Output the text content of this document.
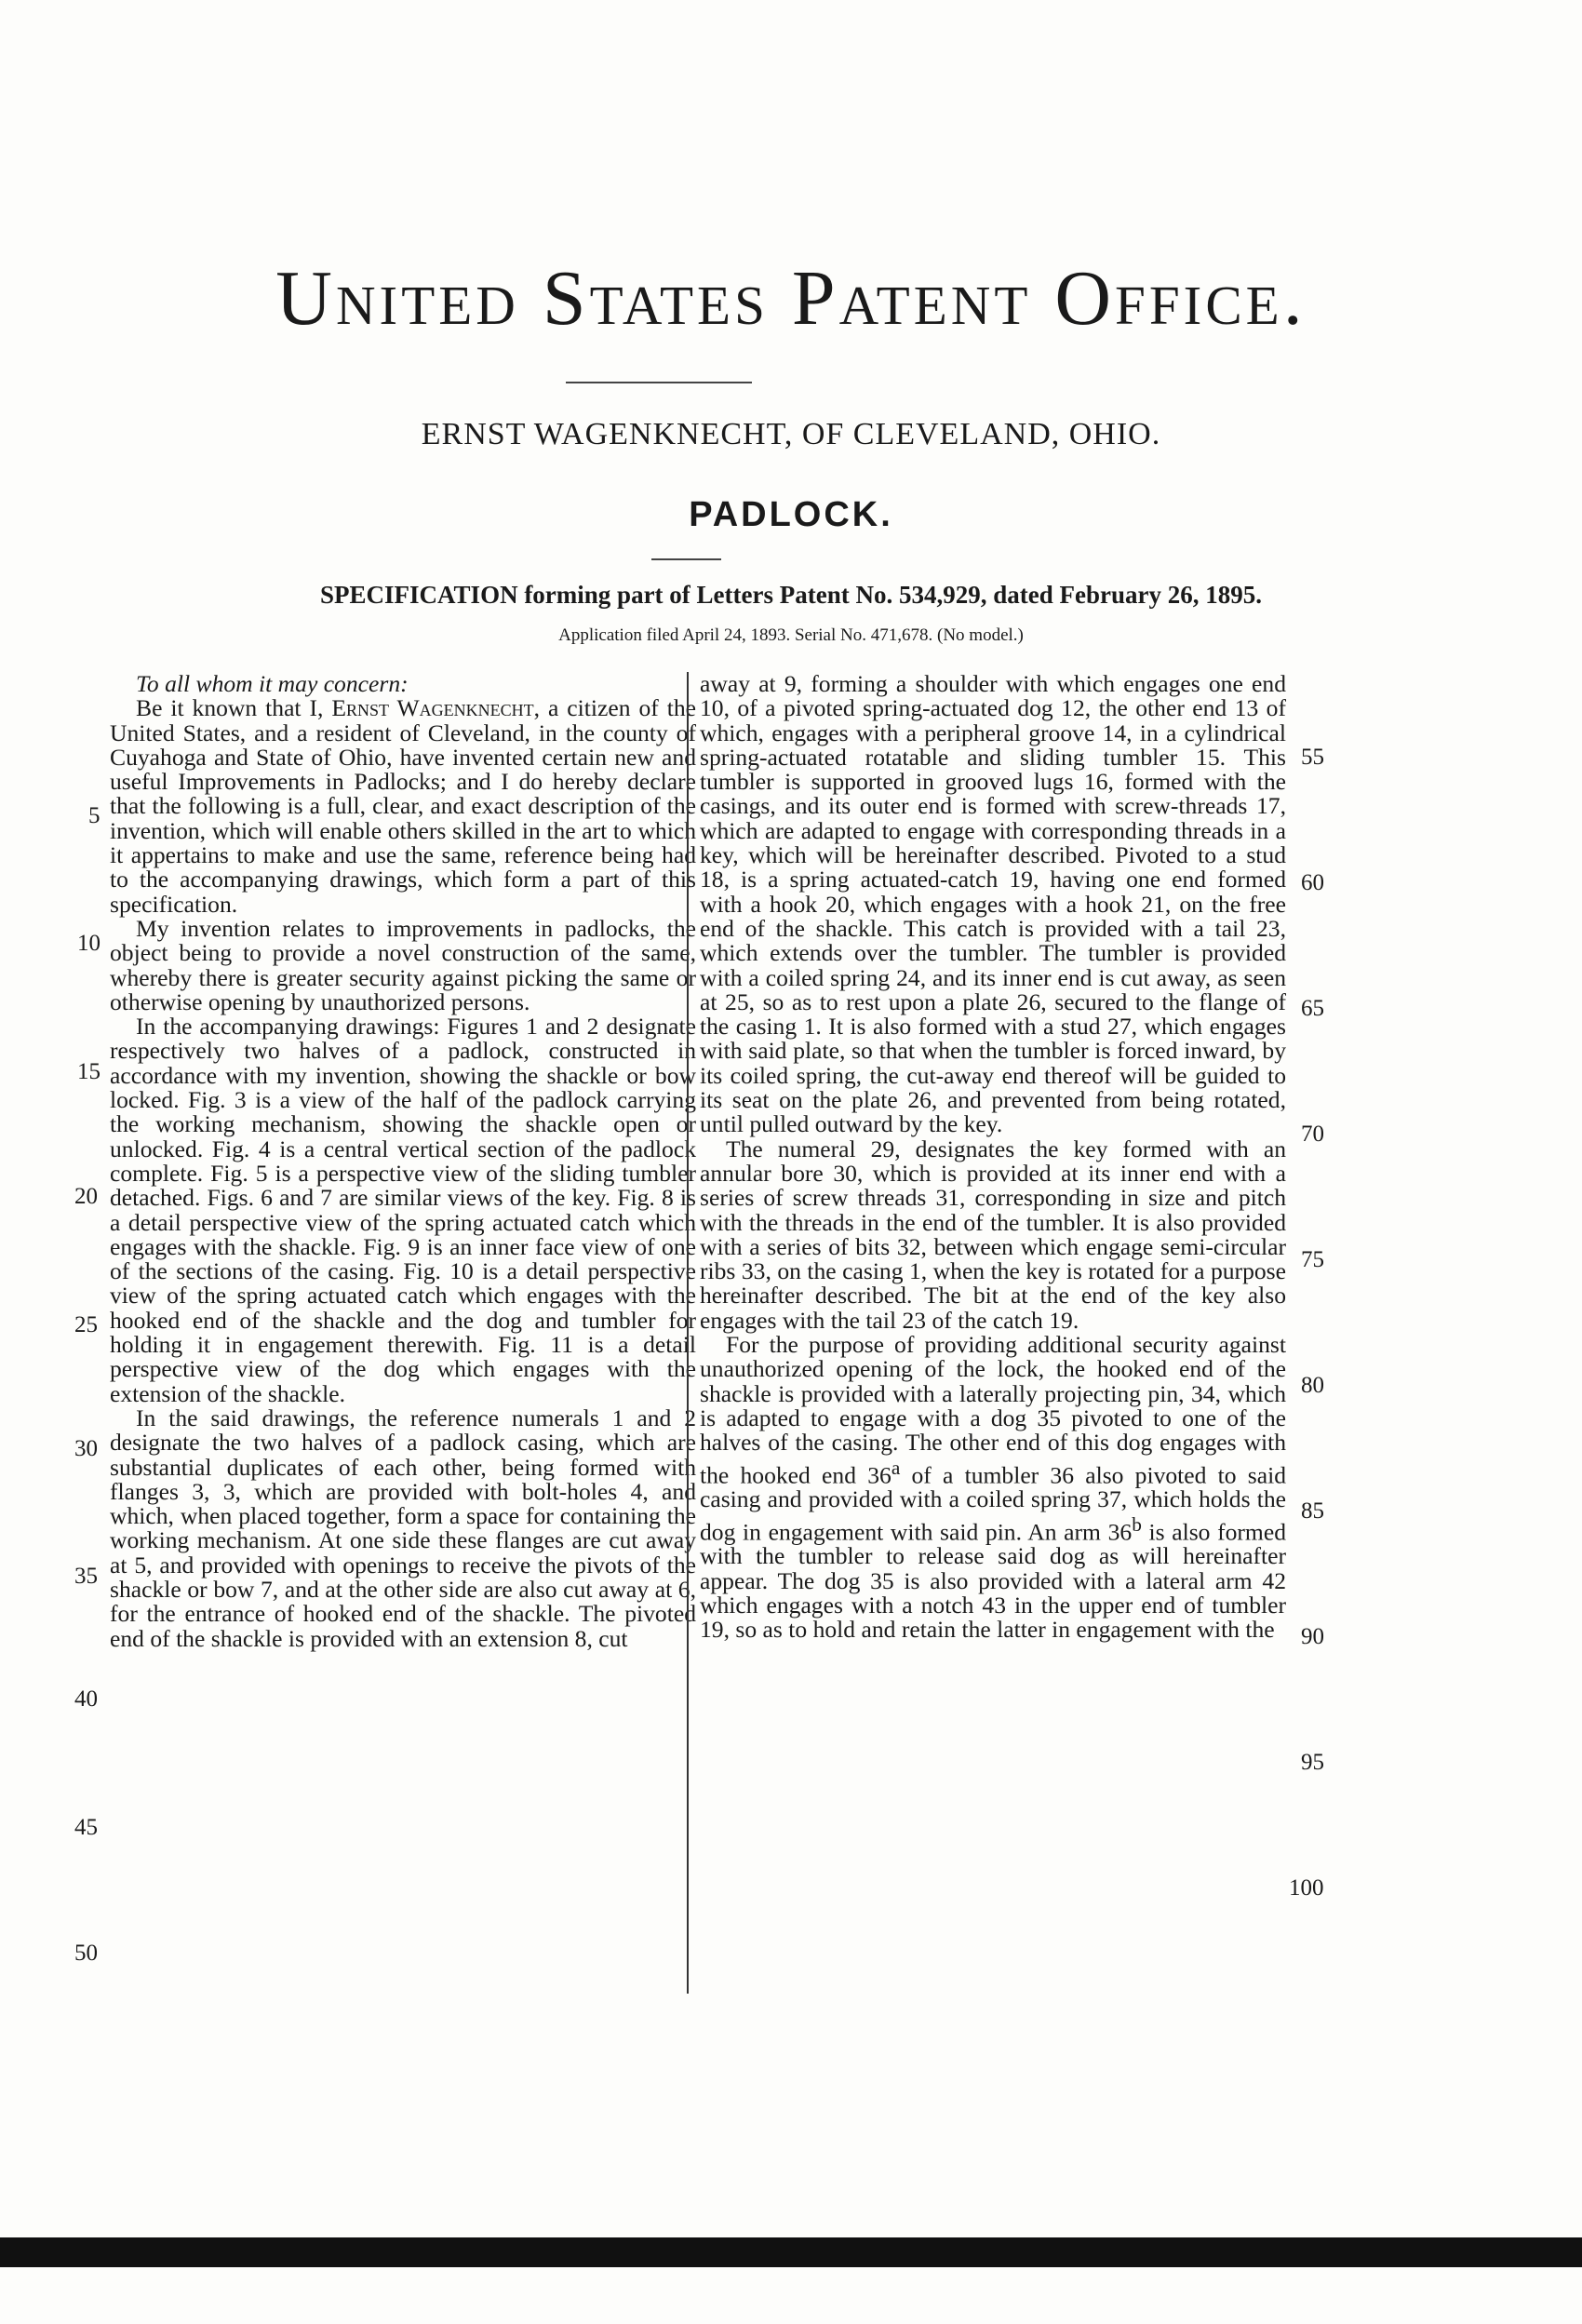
United States Patent Office.
ERNST WAGENKNECHT, OF CLEVELAND, OHIO.
PADLOCK.
SPECIFICATION forming part of Letters Patent No. 534,929, dated February 26, 1895.
Application filed April 24, 1893. Serial No. 471,678. (No model.)

To all whom it may concern:

Be it known that I, Ernst Wagenknecht, a citizen of the United States, and a resident of Cleveland, in the county of Cuyahoga and State of Ohio, have invented certain new and useful Improvements in Padlocks; and I do hereby declare that the following is a full, clear, and exact description of the invention, which will enable others skilled in the art to which it appertains to make and use the same, reference being had to the accompanying drawings, which form a part of this specification.

My invention relates to improvements in padlocks, the object being to provide a novel construction of the same, whereby there is greater security against picking the same or otherwise opening by unauthorized persons.

In the accompanying drawings: Figures 1 and 2 designate respectively two halves of a padlock, constructed in accordance with my invention, showing the shackle or bow locked. Fig. 3 is a view of the half of the padlock carrying the working mechanism, showing the shackle open or unlocked. Fig. 4 is a central vertical section of the padlock complete. Fig. 5 is a perspective view of the sliding tumbler detached. Figs. 6 and 7 are similar views of the key. Fig. 8 is a detail perspective view of the spring actuated catch which engages with the shackle. Fig. 9 is an inner face view of one of the sections of the casing. Fig. 10 is a detail perspective view of the spring actuated catch which engages with the hooked end of the shackle and the dog and tumbler for holding it in engagement therewith. Fig. 11 is a detail perspective view of the dog which engages with the extension of the shackle.

In the said drawings, the reference numerals 1 and 2 designate the two halves of a padlock casing, which are substantial duplicates of each other, being formed with flanges 3, 3, which are provided with bolt-holes 4, and which, when placed together, form a space for containing the working mechanism. At one side these flanges are cut away at 5, and provided with openings to receive the pivots of the shackle or bow 7, and at the other side are also cut away at 6, for the entrance of hooked end of the shackle. The pivoted end of the shackle is provided with an extension 8, cut

away at 9, forming a shoulder with which engages one end 10, of a pivoted spring-actuated dog 12, the other end 13 of which, engages with a peripheral groove 14, in a cylindrical spring-actuated rotatable and sliding tumbler 15. This tumbler is supported in grooved lugs 16, formed with the casings, and its outer end is formed with screw-threads 17, which are adapted to engage with corresponding threads in a key, which will be hereinafter described. Pivoted to a stud 18, is a spring actuated-catch 19, having one end formed with a hook 20, which engages with a hook 21, on the free end of the shackle. This catch is provided with a tail 23, which extends over the tumbler. The tumbler is provided with a coiled spring 24, and its inner end is cut away, as seen at 25, so as to rest upon a plate 26, secured to the flange of the casing 1. It is also formed with a stud 27, which engages with said plate, so that when the tumbler is forced inward, by its coiled spring, the cut-away end thereof will be guided to its seat on the plate 26, and prevented from being rotated, until pulled outward by the key.

The numeral 29, designates the key formed with an annular bore 30, which is provided at its inner end with a series of screw threads 31, corresponding in size and pitch with the threads in the end of the tumbler. It is also provided with a series of bits 32, between which engage semi-circular ribs 33, on the casing 1, when the key is rotated for a purpose hereinafter described. The bit at the end of the key also engages with the tail 23 of the catch 19.

For the purpose of providing additional security against unauthorized opening of the lock, the hooked end of the shackle is provided with a laterally projecting pin, 34, which is adapted to engage with a dog 35 pivoted to one of the halves of the casing. The other end of this dog engages with the hooked end 36$^a$ of a tumbler 36 also pivoted to said casing and provided with a coiled spring 37, which holds the dog in engagement with said pin. An arm 36$^b$ is also formed with the tumbler to release said dog as will hereinafter appear. The dog 35 is also provided with a lateral arm 42 which engages with a notch 43 in the upper end of tumbler 19, so as to hold and retain the latter in engagement with the

5
10
15
20
25
30
35
40
45
50
55
60
65
70
75
80
85
90
95
100
